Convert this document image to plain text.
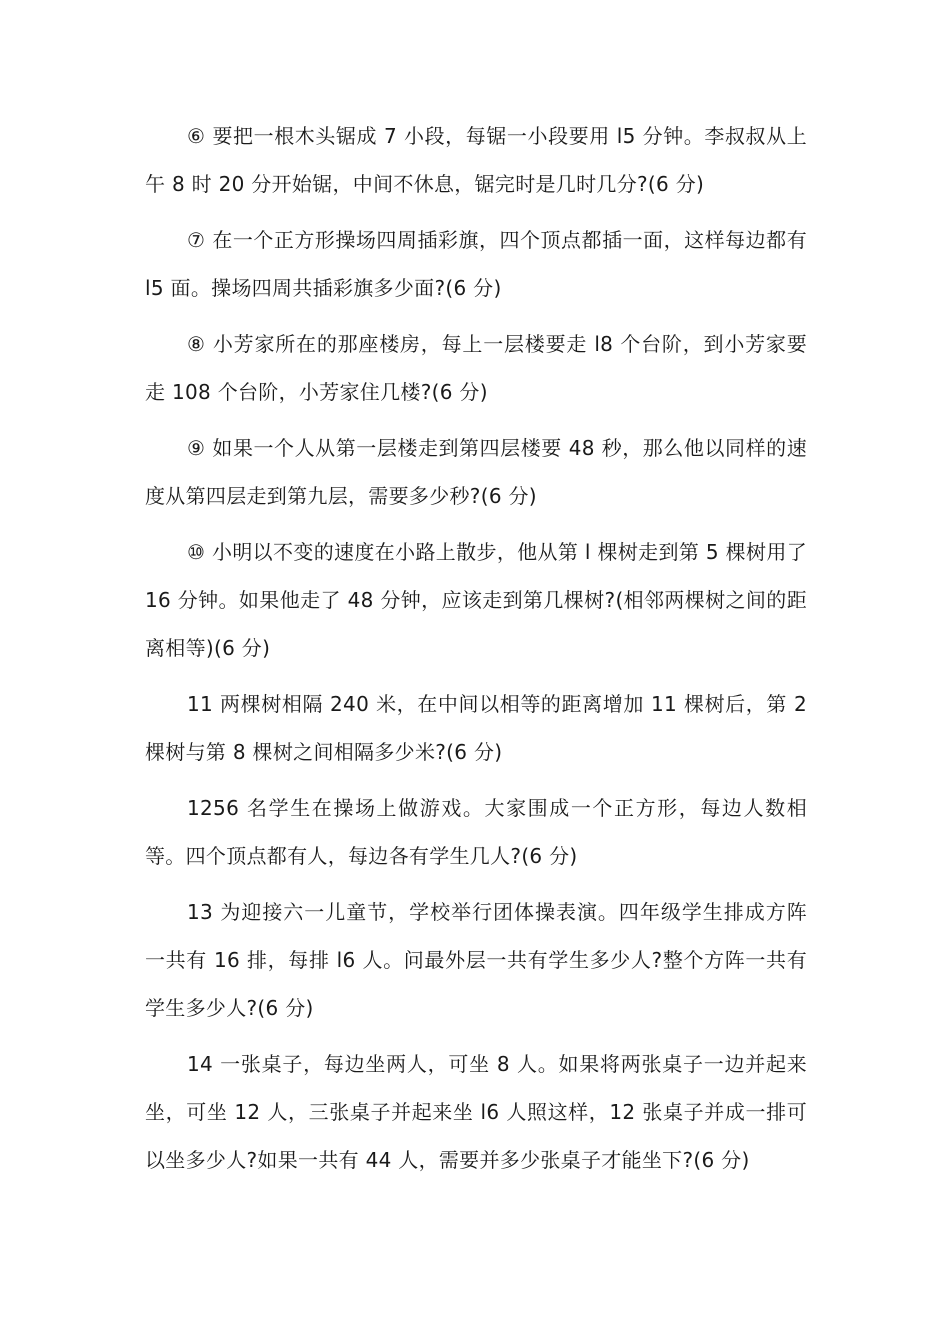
⑥ 要把一根木头锯成 7 小段，每锯一小段要用 l5 分钟。李叔叔从上午 8 时 20 分开始锯，中间不休息，锯完时是几时几分?(6 分)

⑦ 在一个正方形操场四周插彩旗，四个顶点都插一面，这样每边都有 l5 面。操场四周共插彩旗多少面?(6 分)

⑧ 小芳家所在的那座楼房，每上一层楼要走 l8 个台阶，到小芳家要走 108 个台阶，小芳家住几楼?(6 分)

⑨ 如果一个人从第一层楼走到第四层楼要 48 秒，那么他以同样的速度从第四层走到第九层，需要多少秒?(6 分)

⑩ 小明以不变的速度在小路上散步，他从第 l 棵树走到第 5 棵树用了 16 分钟。如果他走了 48 分钟，应该走到第几棵树?(相邻两棵树之间的距离相等)(6 分)

11 两棵树相隔 240 米，在中间以相等的距离增加 11 棵树后，第 2 棵树与第 8 棵树之间相隔多少米?(6 分)

1256 名学生在操场上做游戏。大家围成一个正方形，每边人数相等。四个顶点都有人，每边各有学生几人?(6 分)

13 为迎接六一儿童节，学校举行团体操表演。四年级学生排成方阵一共有 16 排，每排 l6 人。问最外层一共有学生多少人?整个方阵一共有学生多少人?(6 分)

14 一张桌子，每边坐两人，可坐 8 人。如果将两张桌子一边并起来坐，可坐 12 人，三张桌子并起来坐 l6 人照这样，12 张桌子并成一排可以坐多少人?如果一共有 44 人，需要并多少张桌子才能坐下?(6 分)
